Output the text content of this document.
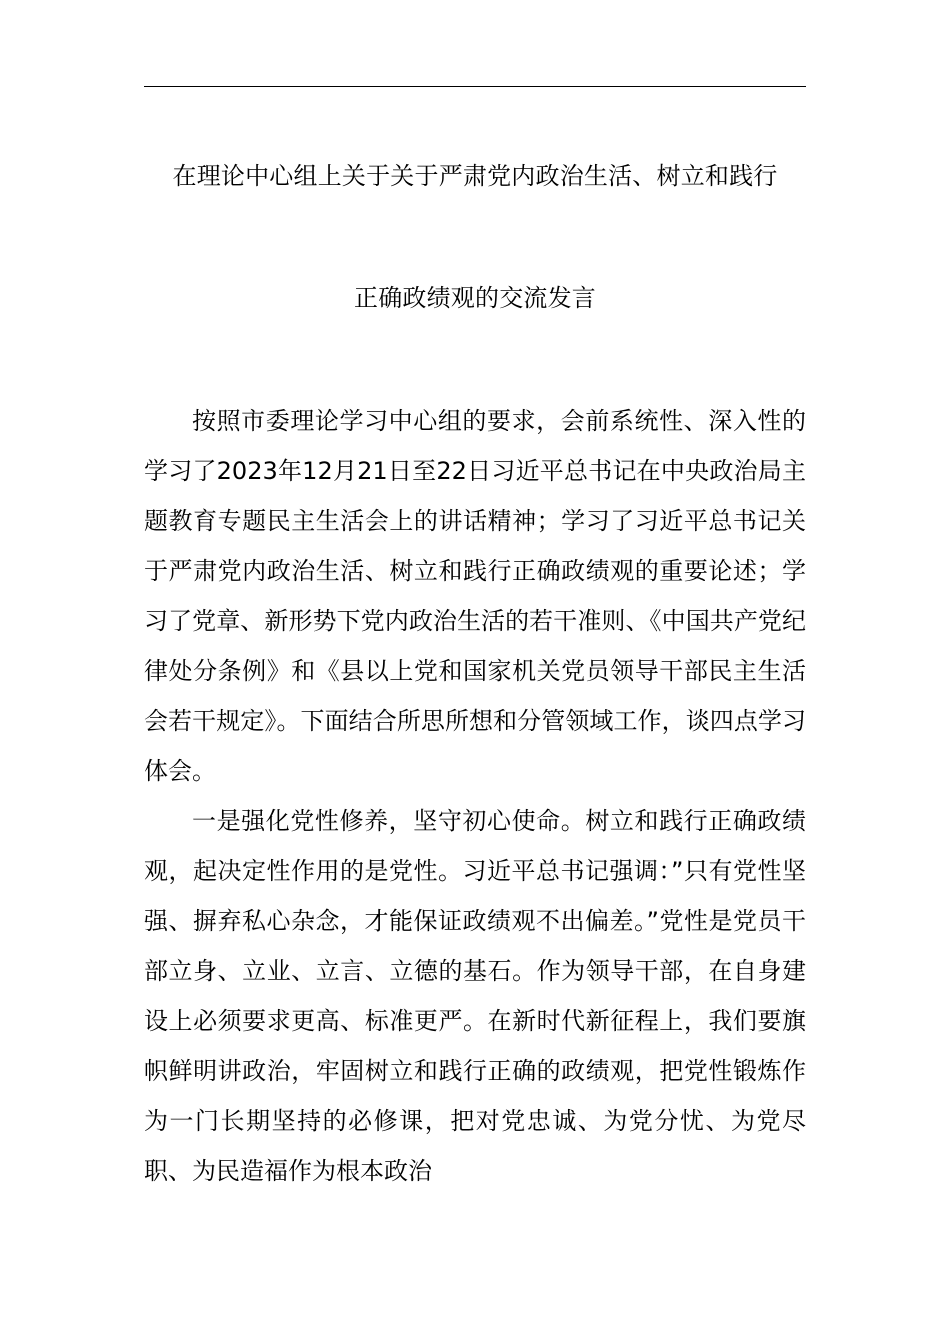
在理论中心组上关于关于严肃党内政治生活、树立和践行
正确政绩观的交流发言

按照市委理论学习中心组的要求，会前系统性、深入性的学习了2023年12月21日至22日习近平总书记在中央政治局主题教育专题民主生活会上的讲话精神；学习了习近平总书记关于严肃党内政治生活、树立和践行正确政绩观的重要论述；学习了党章、新形势下党内政治生活的若干准则、《中国共产党纪律处分条例》和《县以上党和国家机关党员领导干部民主生活会若干规定》。下面结合所思所想和分管领域工作，谈四点学习体会。

一是强化党性修养，坚守初心使命。树立和践行正确政绩观，起决定性作用的是党性。习近平总书记强调：”只有党性坚强、摒弃私心杂念，才能保证政绩观不出偏差。”党性是党员干部立身、立业、立言、立德的基石。作为领导干部，在自身建设上必须要求更高、标准更严。在新时代新征程上，我们要旗帜鲜明讲政治，牢固树立和践行正确的政绩观，把党性锻炼作为一门长期坚持的必修课，把对党忠诚、为党分忧、为党尽职、为民造福作为根本政治
